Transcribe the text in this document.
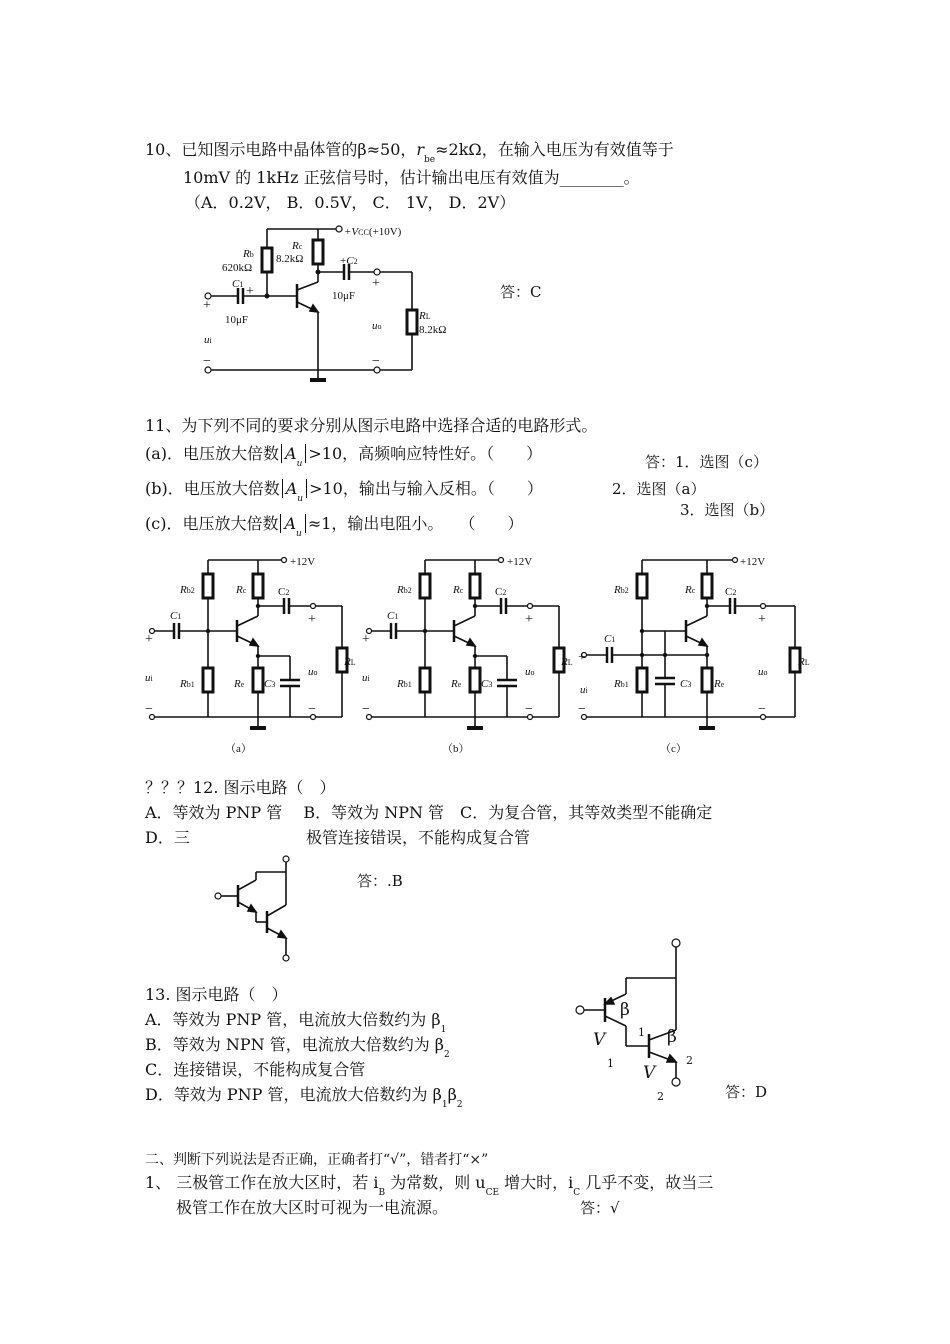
10、已知图示电路中晶体管的β≈50，$r_{be}\approx 2k\Omega$，在输入电压为有效值等于
10mV 的 1kHz 正弦信号时，估计输出电压有效值为________。
（A．0.2V， B．0.5V， C． 1V， D．2V）
答：C
+VCC(+10V)
Rb
620kΩ
Rc
8.2kΩ	+C2
10μF
C1 +
10μF	RL
8.2kΩ
+
ui
−
+
uo
−
11、为下列不同的要求分别从图示电路中选择合适的电路形式。
(a)．电压放大倍数 $A_u>10$，高频响应特性好。（　　）
(b)．电压放大倍数 $A_u>10$，输出与输入反相。（　　）
(c)．电压放大倍数 $A_u\approx 1$，输出电阻小。　　（　　）
答：1．选图（c）
2．选图（a）
3．选图（b）
+12V
Rb2	Rc	C2
C1
+
ui
−
Rb1	Re C3
+
uo
−
RL
（a）
+12V
Rb2	Rc	C2
C1
+
ui
−
Rb1	Re C3
+
uo
−
RL
（b）
+12V
Rb2	Rc	C2
C1
+
ui
−
Rb1	Re
C3
+
uo
−
RL
（c）
？？？12. 图示电路（　）
A．等效为 PNP 管　 B．等效为 NPN 管　C．为复合管，其等效类型不能确定
D．三	极管连接错误，不能构成复合管
答：.B
13. 图示电路（　）
A．等效为 PNP 管，电流放大倍数约为 $\beta_1$
B．等效为 NPN 管，电流放大倍数约为 $\beta_2$
C．连接错误，不能构成复合管
D．等效为 PNP 管，电流放大倍数约为 $\beta_1\beta_2$
答：D
β
β
V
1
1
V
2
2
二、判断下列说法是否正确，正确者打“√”，错者打“×”
1、 三极管工作在放大区时，若 $i_B$ 为常数，则 $u_{CE}$ 增大时，$i_C$ 几乎不变，故当三
极管工作在放大区时可视为一电流源。	答：√
